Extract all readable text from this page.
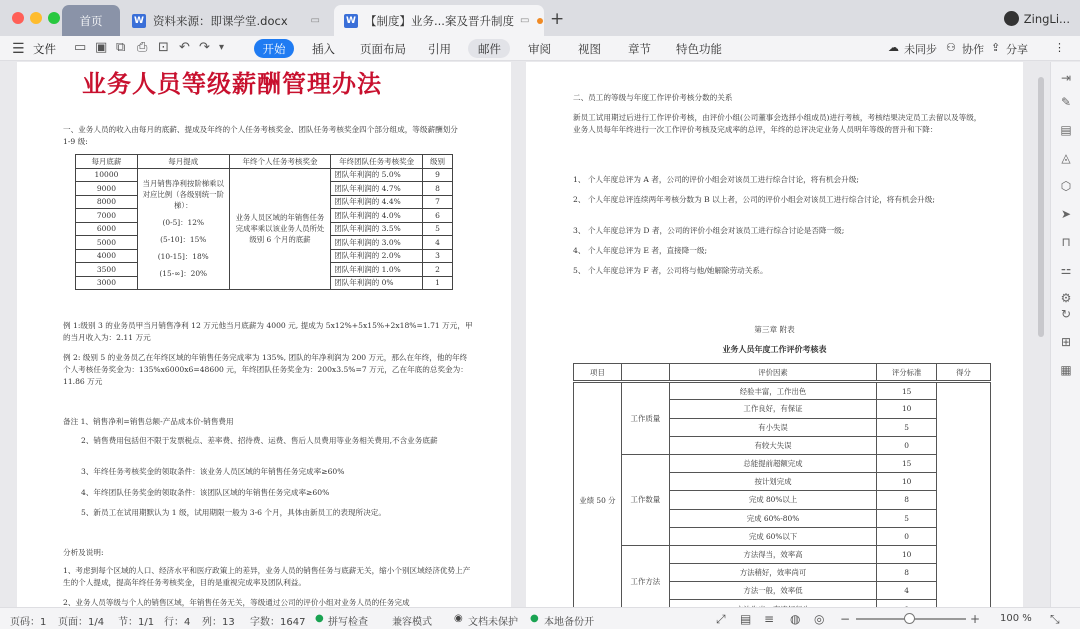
首页	W 资料来源：即课学堂.docx	▭	W 【制度】业务...案及晋升制度 ▭ +	ZingLi...
☰ 文件 ▭ ▣ ⧉ ⎙ ⊡ ↶ ↷ ▾	开始	插入 页面布局 引用 邮件 审阅 视图 章节 特色功能	☁ 未同步 ⚇ 协作 ⇪ 分享 ⋮
业务人员等级薪酬管理办法
一、业务人员的收入由每月的底薪、提成及年终的个人任务考核奖金、团队任务考核奖金四个部分组成，等级薪酬划分 1-9 级:
每月底薪	每月提成	年终个人任务考核奖金	年终团队任务考核奖金	级别
10000	当月销售净利按阶梯乘以对应比例（各级别统一阶梯）：
(0-5]：12%
(5-10]：15%
(10-15]：18%
(15-∞]：20%	业务人员区域的年销售任务完成率乘以该业务人员所处级别 6 个月的底薪	团队年利润的 5.0%	9
9000			团队年利润的 4.7%	8
8000			团队年利润的 4.4%	7
7000			团队年利润的 4.0%	6
6000			团队年利润的 3.5%	5
5000			团队年利润的 3.0%	4
4000			团队年利润的 2.0%	3
3500			团队年利润的 1.0%	2
3000			团队年利润的 0%	1
例 1:级别 3 的业务员甲当月销售净利 12 万元他当月底薪为 4000 元, 提成为 5x12%+5x15%+2x18%=1.71 万元，甲的当月收入为：2.11 万元
例 2: 级别 5 的业务员乙在年终区域的年销售任务完成率为 135%, 团队的年净利润为 200 万元，那么在年终，他的年终个人考核任务奖金为：135%x6000x6=48600 元，年终团队任务奖金为：200x3.5%=7 万元，乙在年底的总奖金为：11.86 万元
备注 1、销售净利=销售总额-产品成本价-销售费用
2、销售费用包括但不限于发票税点、差率费、招待费、运费、售后人员费用等业务相关费用,不含业务底薪
3、年终任务考核奖金的领取条件：该业务人员区域的年销售任务完成率≥60%
4、年终团队任务奖金的领取条件：该团队区域的年销售任务完成率≥60%
5、新员工在试用期默认为 1 级，试用期限一般为 3-6 个月，具体由新员工的表现所决定。
分析及说明:
1、考虑到每个区域的人口、经济水平和医疗政策上的差异，业务人员的销售任务与底薪无关，缩小个别区域经济优势上产生的个人提成，提高年终任务考核奖金，目的是重视完成率及团队利益。
2、业务人员等级与个人的销售区域，年销售任务无关，等级通过公司的评价小组对业务人员的任务完成
二、员工的等级与年度工作评价考核分数的关系
新员工试用期过后进行工作评价考核，由评价小组(公司董事会选择小组成员)进行考核，考核结果决定员工去留以及等级，业务人员每年年终进行一次工作评价考核及完成率的总评，年终的总评决定业务人员明年等级的晋升和下降：
1、 个人年度总评为 A 者，公司的评价小组会对该员工进行综合讨论，将有机会升级;
2、 个人年度总评连续两年考核分数为 B 以上者，公司的评价小组会对该员工进行综合讨论，将有机会升级;
3、 个人年度总评为 D 者，公司的评价小组会对该员工进行综合讨论是否降一级;
4、 个人年度总评为 E 者，直接降一级;
5、 个人年度总评为 F 者，公司将与他/她解除劳动关系。
第三章 附表
业务人员年度工作评价考核表
项目		评价因素	评分标准	得分
业绩 50 分	工作质量	经验丰富，工作出色	15	
		工作良好，有保证	10	
		有小失误	5	
		有较大失误	0	
	工作数量	总能提前超额完成	15	
		按计划完成	10	
		完成 80%以上	8	
		完成 60%-80%	5	
		完成 60%以下	0	
	工作方法	方法得当，效率高	10	
		方法稍好，效率尚可	8	
		方法一般，效率低	4	

⇥
✎
▤
◬
⬡
➤
⊓
⚍
⚙
↻
⊞
▦
页码：1 页面：1/4 节：1/1 行：4 列：13 字数：1647 ● 拼写检查 兼容模式 ◉ 文档未保护 ● 本地备份开	⤢ ▤ ≡ ◍ ◎ −	+ 100 % ⤡
